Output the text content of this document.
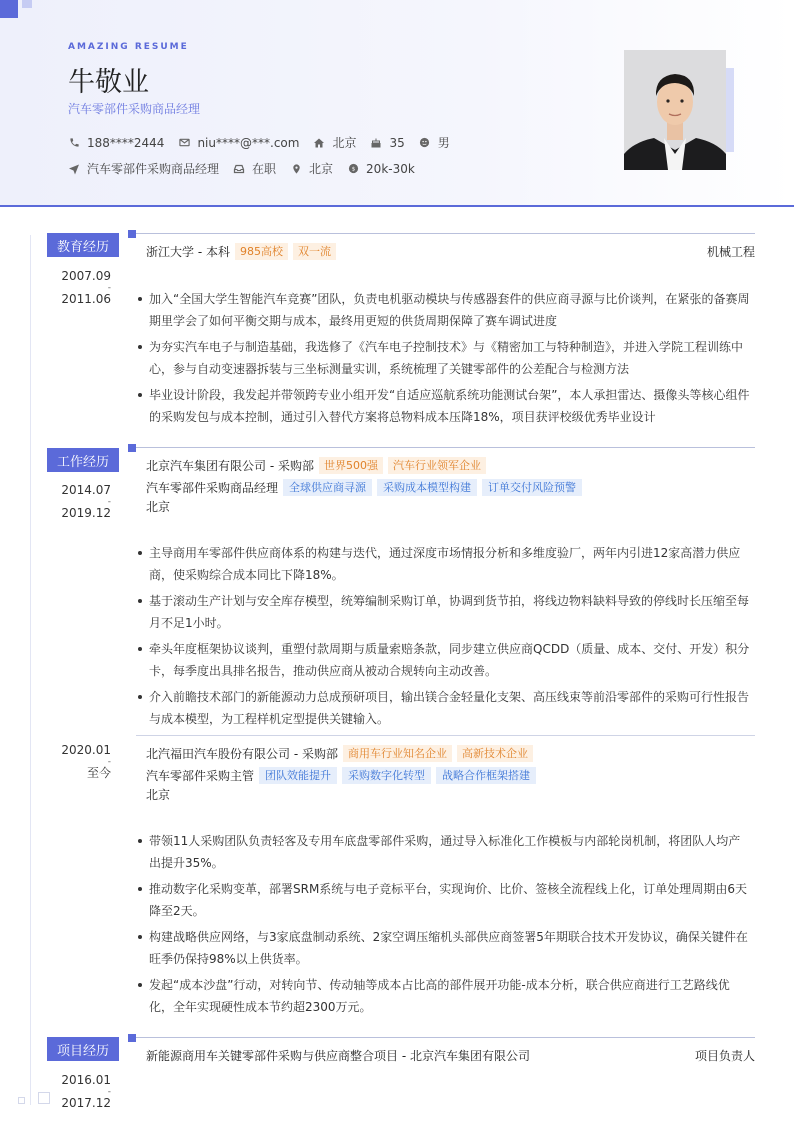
AMAZING RESUME
牛敬业
汽车零部件采购商品经理
188****2444	niu****@***.com	北京	35	男
汽车零部件采购商品经理	在职	北京 $ 20k-30k
教育经历
2007.09
-
2011.06
浙江大学 - 本科 985高校	双一流	机械工程
加入“全国大学生智能汽车竞赛”团队，负责电机驱动模块与传感器套件的供应商寻源与比价谈判，在紧张的备赛周期里学会了如何平衡交期与成本，最终用更短的供货周期保障了赛车调试进度
为夯实汽车电子与制造基础，我选修了《汽车电子控制技术》与《精密加工与特种制造》，并进入学院工程训练中心，参与自动变速器拆装与三坐标测量实训，系统梳理了关键零部件的公差配合与检测方法
毕业设计阶段，我发起并带领跨专业小组开发“自适应巡航系统功能测试台架”，本人承担雷达、摄像头等核心组件的采购发包与成本控制，通过引入替代方案将总物料成本压降18%，项目获评校级优秀毕业设计
工作经历
2014.07
-
2019.12
北京汽车集团有限公司 - 采购部 世界500强	汽车行业领军企业
汽车零部件采购商品经理	全球供应商寻源	采购成本模型构建	订单交付风险预警
北京
主导商用车零部件供应商体系的构建与迭代，通过深度市场情报分析和多维度验厂，两年内引进12家高潜力供应商，使采购综合成本同比下降18%。
基于滚动生产计划与安全库存模型，统筹编制采购订单，协调到货节拍，将线边物料缺料导致的停线时长压缩至每月不足1小时。
牵头年度框架协议谈判，重塑付款周期与质量索赔条款，同步建立供应商QCDD（质量、成本、交付、开发）积分卡，每季度出具排名报告，推动供应商从被动合规转向主动改善。
介入前瞻技术部门的新能源动力总成预研项目，输出镁合金轻量化支架、高压线束等前沿零部件的采购可行性报告与成本模型，为工程样机定型提供关键输入。
2020.01
-
至今
北汽福田汽车股份有限公司 - 采购部 商用车行业知名企业	高新技术企业
汽车零部件采购主管	团队效能提升	采购数字化转型	战略合作框架搭建
北京
带领11人采购团队负责轻客及专用车底盘零部件采购，通过导入标准化工作模板与内部轮岗机制，将团队人均产出提升35%。
推动数字化采购变革，部署SRM系统与电子竞标平台，实现询价、比价、签核全流程线上化，订单处理周期由6天降至2天。
构建战略供应网络，与3家底盘制动系统、2家空调压缩机头部供应商签署5年期联合技术开发协议，确保关键件在旺季仍保持98%以上供货率。
发起“成本沙盘”行动，对转向节、传动轴等成本占比高的部件展开功能-成本分析，联合供应商进行工艺路线优化，全年实现硬性成本节约超2300万元。
项目经历
2016.01
-
2017.12
新能源商用车关键零部件采购与供应商整合项目 - 北京汽车集团有限公司	项目负责人
